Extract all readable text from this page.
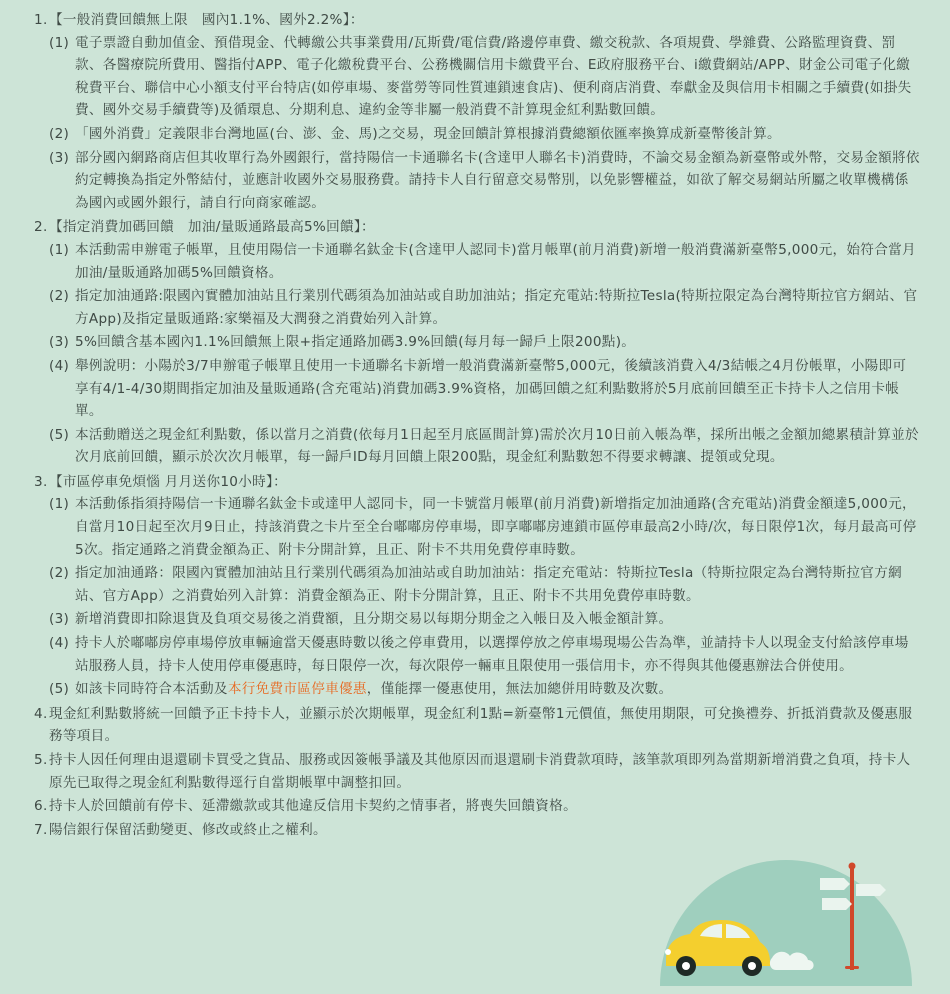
1. 【一般消費回饋無上限　國內1.1%、國外2.2%】：
(1) 電子票證自動加值金、預借現金、代轉繳公共事業費用/瓦斯費/電信費/路邊停車費、繳交稅款、各項規費、學雜費、公路監理資費、罰款、各醫療院所費用、醫指付APP、電子化繳稅費平台、公務機關信用卡繳費平台、E政府服務平台、i繳費網站/APP、財金公司電子化繳稅費平台、聯信中心小額支付平台特店(如停車場、麥當勞等同性質連鎖速食店)、便利商店消費、奉獻金及與信用卡相關之手續費(如掛失費、國外交易手續費等)及循環息、分期利息、違約金等非屬一般消費不計算現金紅利點數回饋。
(2) 「國外消費」定義限非台灣地區(台、澎、金、馬)之交易，現金回饋計算根據消費總額依匯率換算成新臺幣後計算。
(3) 部分國內網路商店但其收單行為外國銀行，當持陽信一卡通聯名卡(含達甲人聯名卡)消費時，不論交易金額為新臺幣或外幣，交易金額將依約定轉換為指定外幣結付，並應計收國外交易服務費。請持卡人自行留意交易幣別，以免影響權益，如欲了解交易網站所屬之收單機構係為國內或國外銀行，請自行向商家確認。
2. 【指定消費加碼回饋　加油/量販通路最高5%回饋】：
(1) 本活動需申辦電子帳單，且使用陽信一卡通聯名鈦金卡(含達甲人認同卡)當月帳單(前月消費)新增一般消費滿新臺幣5,000元，始符合當月加油/量販通路加碼5%回饋資格。
(2) 指定加油通路:限國內實體加油站且行業別代碼須為加油站或自助加油站；指定充電站:特斯拉Tesla(特斯拉限定為台灣特斯拉官方網站、官方App)及指定量販通路:家樂福及大潤發之消費始列入計算。
(3) 5%回饋含基本國內1.1%回饋無上限+指定通路加碼3.9%回饋(每月每一歸戶上限200點)。
(4) 舉例說明：小陽於3/7申辦電子帳單且使用一卡通聯名卡新增一般消費滿新臺幣5,000元，後續該消費入4/3結帳之4月份帳單，小陽即可享有4/1-4/30期間指定加油及量販通路(含充電站)消費加碼3.9%資格，加碼回饋之紅利點數將於5月底前回饋至正卡持卡人之信用卡帳單。
(5) 本活動贈送之現金紅利點數，係以當月之消費(依每月1日起至月底區間計算)需於次月10日前入帳為準，採所出帳之金額加總累積計算並於次月底前回饋，顯示於次次月帳單，每一歸戶ID每月回饋上限200點，現金紅利點數恕不得要求轉讓、提領或兌現。
3. 【市區停車免煩惱 月月送你10小時】：
(1) 本活動係指須持陽信一卡通聯名鈦金卡或達甲人認同卡，同一卡號當月帳單(前月消費)新增指定加油通路(含充電站)消費金額達5,000元，自當月10日起至次月9日止，持該消費之卡片至全台嘟嘟房停車場，即享嘟嘟房連鎖市區停車最高2小時/次，每日限停1次，每月最高可停5次。指定通路之消費金額為正、附卡分開計算，且正、附卡不共用免費停車時數。
(2) 指定加油通路：限國內實體加油站且行業別代碼須為加油站或自助加油站：指定充電站：特斯拉Tesla（特斯拉限定為台灣特斯拉官方網站、官方App）之消費始列入計算：消費金額為正、附卡分開計算，且正、附卡不共用免費停車時數。
(3) 新增消費即扣除退貨及負項交易後之消費額，且分期交易以每期分期金之入帳日及入帳金額計算。
(4) 持卡人於嘟嘟房停車場停放車輛逾當天優惠時數以後之停車費用，以選擇停放之停車場現場公告為準，並請持卡人以現金支付給該停車場站服務人員，持卡人使用停車優惠時，每日限停一次，每次限停一輛車且限使用一張信用卡，亦不得與其他優惠辦法合併使用。
(5) 如該卡同時符合本活動及本行免費市區停車優惠，僅能擇一優惠使用，無法加總併用時數及次數。
4. 現金紅利點數將統一回饋予正卡持卡人，並顯示於次期帳單，現金紅利1點=新臺幣1元價值，無使用期限，可兌換禮券、折抵消費款及優惠服務等項目。
5. 持卡人因任何理由退還刷卡買受之貨品、服務或因簽帳爭議及其他原因而退還刷卡消費款項時，該筆款項即列為當期新增消費之負項，持卡人原先已取得之現金紅利點數得逕行自當期帳單中調整扣回。
6. 持卡人於回饋前有停卡、延滯繳款或其他違反信用卡契約之情事者，將喪失回饋資格。
7. 陽信銀行保留活動變更、修改或終止之權利。
